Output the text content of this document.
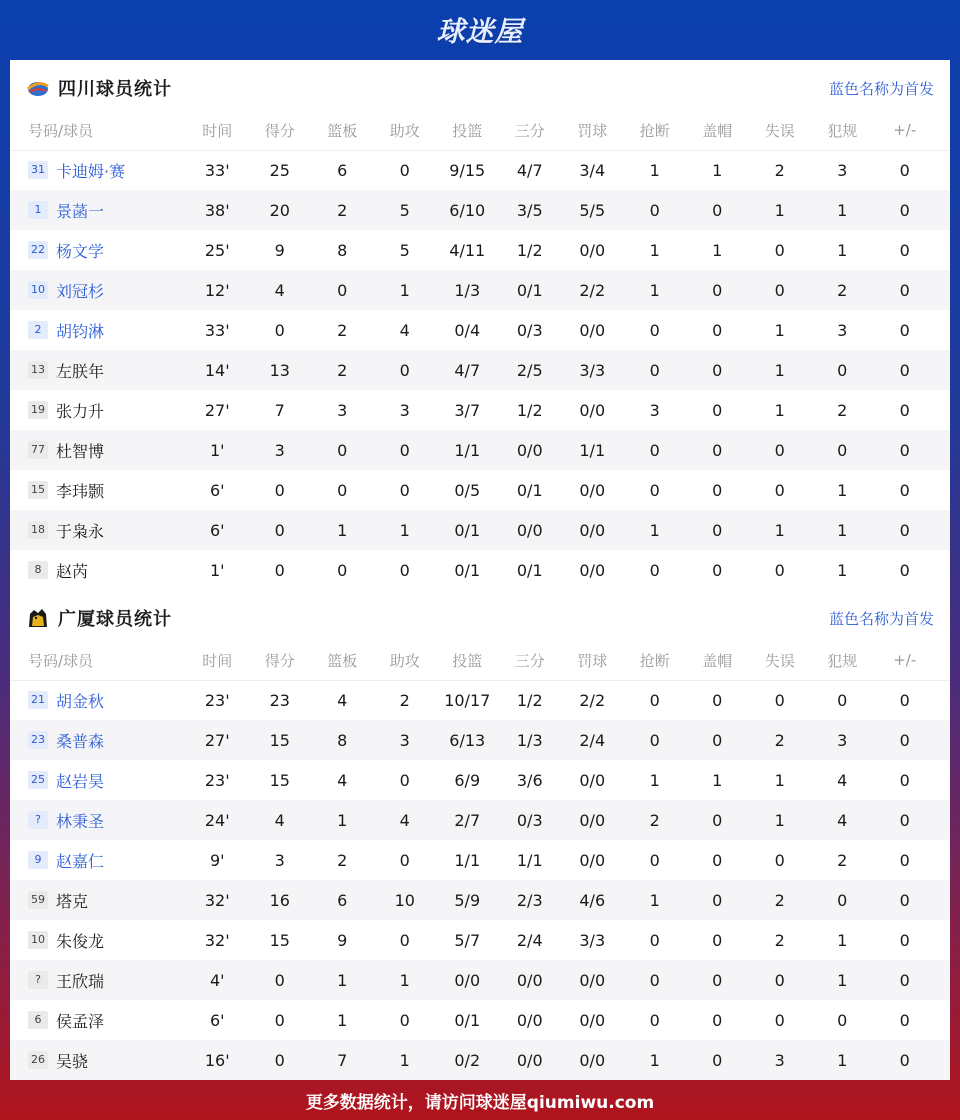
球迷屋
四川球员统计	蓝色名称为首发
号码/球员	时间	得分	篮板	助攻	投篮	三分	罚球	抢断	盖帽	失误	犯规	+/-
31 卡迪姆·赛	33'	25	6	0	9/15	4/7	3/4	1	1	2	3	0
1 景菡一	38'	20	2	5	6/10	3/5	5/5	0	0	1	1	0
22 杨文学	25'	9	8	5	4/11	1/2	0/0	1	1	0	1	0
10 刘冠杉	12'	4	0	1	1/3	0/1	2/2	1	0	0	2	0
2 胡钧淋	33'	0	2	4	0/4	0/3	0/0	0	0	1	3	0
13 左朕年	14'	13	2	0	4/7	2/5	3/3	0	0	1	0	0
19 张力升	27'	7	3	3	3/7	1/2	0/0	3	0	1	2	0
77 杜智博	1'	3	0	0	1/1	0/0	1/1	0	0	0	0	0
15 李玮颢	6'	0	0	0	0/5	0/1	0/0	0	0	0	1	0
18 于枭永	6'	0	1	1	0/1	0/0	0/0	1	0	1	1	0
8 赵芮	1'	0	0	0	0/1	0/1	0/0	0	0	0	1	0
广厦球员统计	蓝色名称为首发
号码/球员	时间	得分	篮板	助攻	投篮	三分	罚球	抢断	盖帽	失误	犯规	+/-
21 胡金秋	23'	23	4	2	10/17	1/2	2/2	0	0	0	0	0
23 桑普森	27'	15	8	3	6/13	1/3	2/4	0	0	2	3	0
25 赵岩昊	23'	15	4	0	6/9	3/6	0/0	1	1	1	4	0
? 林秉圣	24'	4	1	4	2/7	0/3	0/0	2	0	1	4	0
9 赵嘉仁	9'	3	2	0	1/1	1/1	0/0	0	0	0	2	0
59 塔克	32'	16	6	10	5/9	2/3	4/6	1	0	2	0	0
10 朱俊龙	32'	15	9	0	5/7	2/4	3/3	0	0	2	1	0
? 王欣瑞	4'	0	1	1	0/0	0/0	0/0	0	0	0	1	0
6 侯孟泽	6'	0	1	0	0/1	0/0	0/0	0	0	0	0	0
26 吴骁	16'	0	7	1	0/2	0/0	0/0	1	0	3	1	0
更多数据统计，请访问球迷屋qiumiwu.com
